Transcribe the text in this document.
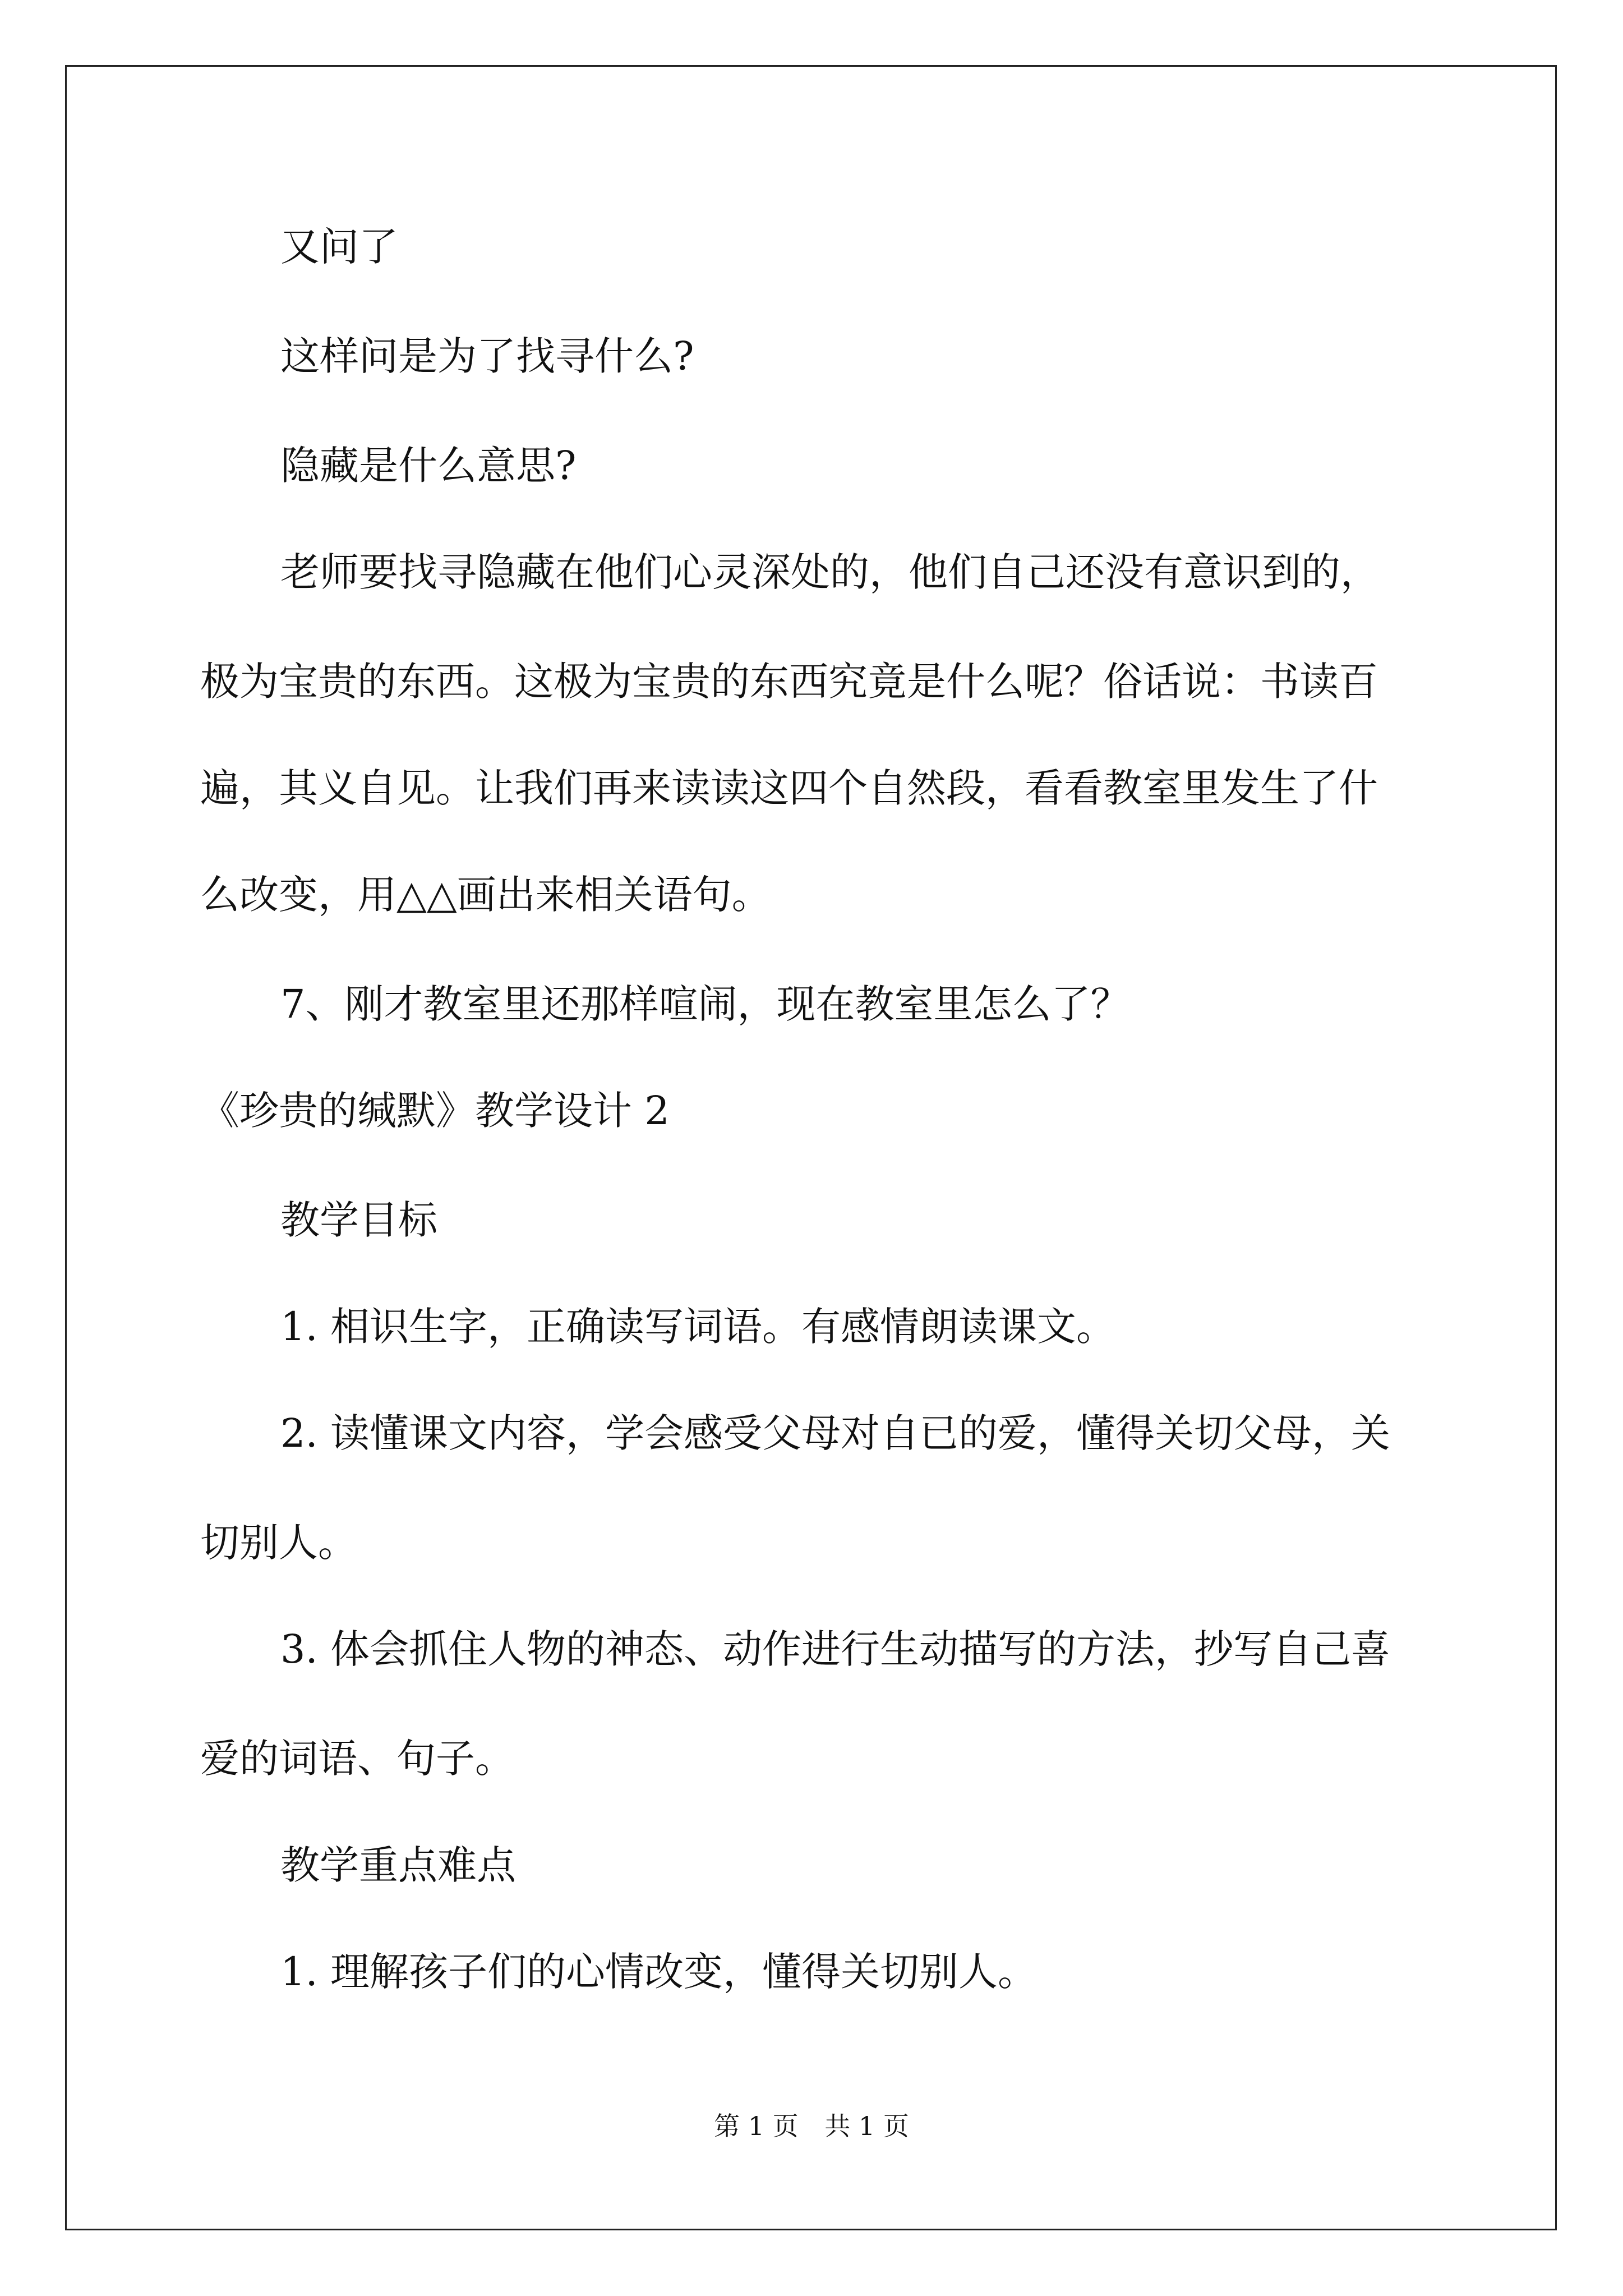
又问了

这样问是为了找寻什么?

隐藏是什么意思?

老师要找寻隐藏在他们心灵深处的，他们自己还没有意识到的，

极为宝贵的东西。这极为宝贵的东西究竟是什么呢？俗话说：书读百

遍，其义自见。让我们再来读读这四个自然段，看看教室里发生了什

么改变，用△△画出来相关语句。

7、刚才教室里还那样喧闹，现在教室里怎么了？

《珍贵的缄默》教学设计 2

教学目标

1. 相识生字，正确读写词语。有感情朗读课文。

2. 读懂课文内容，学会感受父母对自已的爱，懂得关切父母，关

切别人。

3. 体会抓住人物的神态、动作进行生动描写的方法，抄写自己喜

爱的词语、句子。

教学重点难点

1. 理解孩子们的心情改变，懂得关切别人。

第 1 页 共 1 页
